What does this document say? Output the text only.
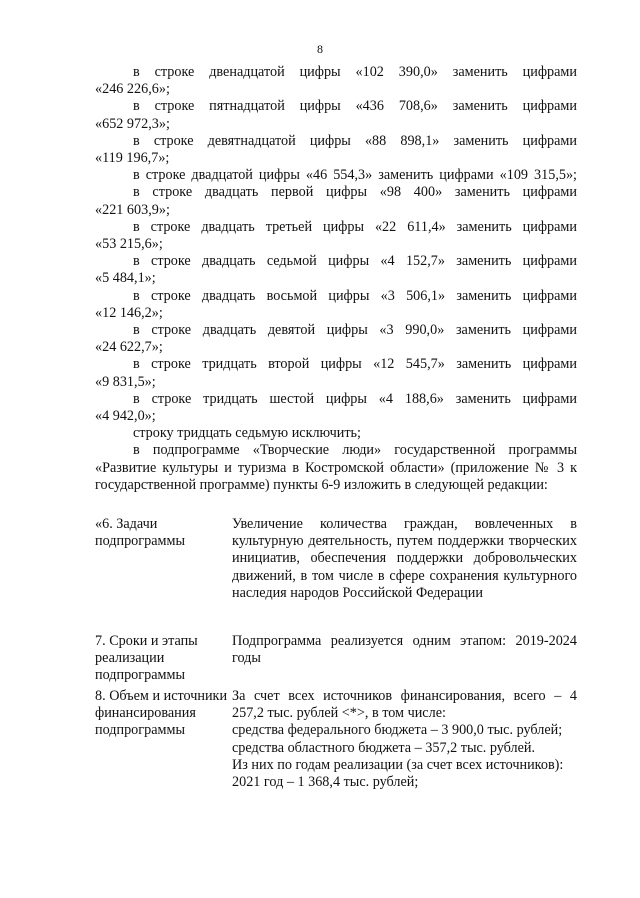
8

в строке двенадцатой цифры «102 390,0» заменить цифрами

«246 226,6»;

в строке пятнадцатой цифры «436 708,6» заменить цифрами

«652 972,3»;

в строке девятнадцатой цифры «88 898,1» заменить цифрами

«119 196,7»;

в строке двадцатой цифры «46 554,3» заменить цифрами «109 315,5»;

в строке двадцать первой цифры «98 400» заменить цифрами

«221 603,9»;

в строке двадцать третьей цифры «22 611,4» заменить цифрами

«53 215,6»;

в строке двадцать седьмой цифры «4 152,7» заменить цифрами

«5 484,1»;

в строке двадцать восьмой цифры «3 506,1» заменить цифрами

«12 146,2»;

в строке двадцать девятой цифры «3 990,0» заменить цифрами

«24 622,7»;

в строке тридцать второй цифры «12 545,7» заменить цифрами

«9 831,5»;

в строке тридцать шестой цифры «4 188,6» заменить цифрами

«4 942,0»;

строку тридцать седьмую исключить;

в подпрограмме «Творческие люди» государственной программы «Развитие культуры и туризма в Костромской области» (приложение № 3 к государственной программе) пункты 6-9 изложить в следующей редакции:

«6. Задачи подпрограммы

Увеличение количества граждан, вовлеченных в культурную деятельность, путем поддержки творческих инициатив, обеспечения поддержки добровольческих движений, в том числе в сфере сохранения культурного наследия народов Российской Федерации

7. Сроки и этапы реализации подпрограммы

Подпрограмма реализуется одним этапом: 2019-2024 годы

8. Объем и источники финансирования подпрограммы

За счет всех источников финансирования, всего – 4 257,2 тыс. рублей <*>, в том числе:

средства федерального бюджета – 3 900,0 тыс. рублей;

средства областного бюджета – 357,2 тыс. рублей.

Из них по годам реализации (за счет всех источников):

2021 год – 1 368,4 тыс. рублей;
